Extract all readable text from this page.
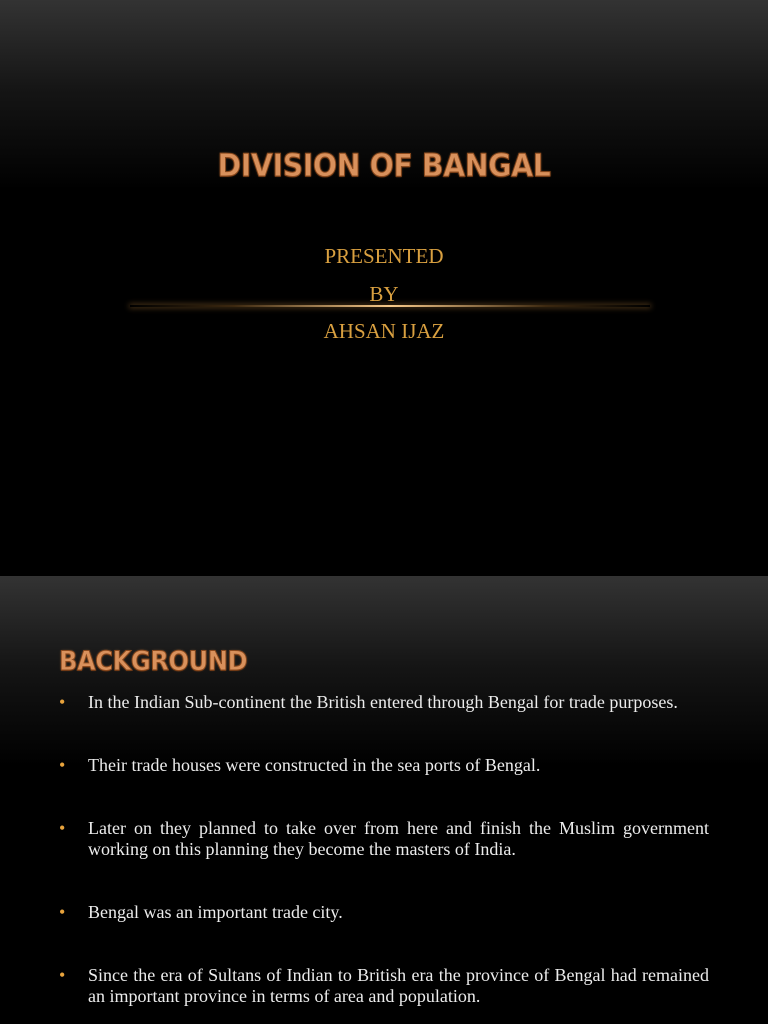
DIVISION OF BANGAL
PRESENTED
BY
AHSAN IJAZ
BACKGROUND
• In the Indian Sub-continent the British entered through Bengal for trade purposes.
• Their trade houses were constructed in the sea ports of Bengal.
• Later on they planned to take over from here and finish the Muslim government working on this planning they become the masters of India.
• Bengal was an important trade city.
• Since the era of Sultans of Indian to British era the province of Bengal had remained an important province in terms of area and population.
